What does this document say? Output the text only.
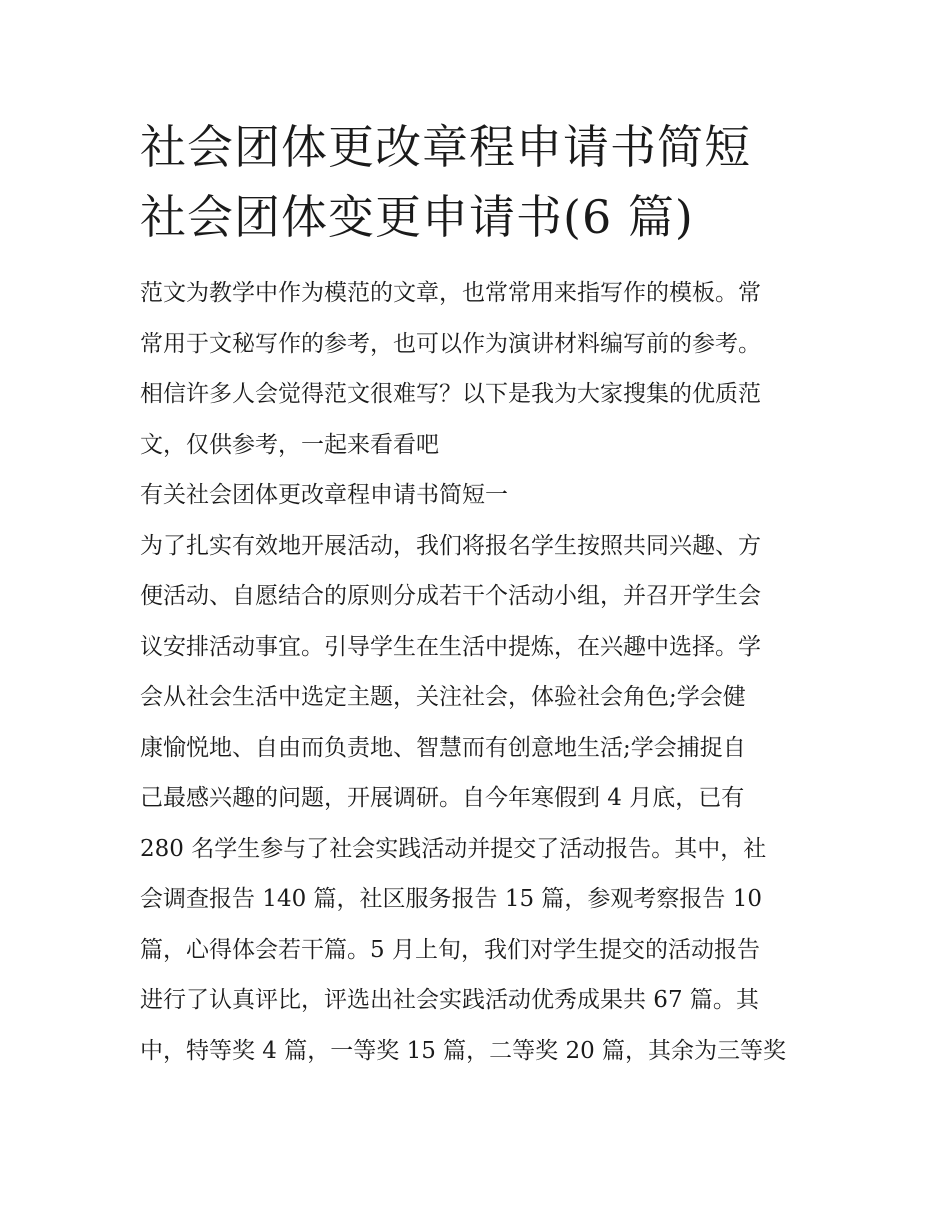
社会团体更改章程申请书简短
社会团体变更申请书(6 篇)

范文为教学中作为模范的文章，也常常用来指写作的模板。常
常用于文秘写作的参考，也可以作为演讲材料编写前的参考。
相信许多人会觉得范文很难写？以下是我为大家搜集的优质范
文，仅供参考，一起来看看吧

有关社会团体更改章程申请书简短一

为了扎实有效地开展活动，我们将报名学生按照共同兴趣、方
便活动、自愿结合的原则分成若干个活动小组，并召开学生会
议安排活动事宜。引导学生在生活中提炼，在兴趣中选择。学
会从社会生活中选定主题，关注社会，体验社会角色;学会健
康愉悦地、自由而负责地、智慧而有创意地生活;学会捕捉自
己最感兴趣的问题，开展调研。自今年寒假到 4 月底，已有
280 名学生参与了社会实践活动并提交了活动报告。其中，社
会调查报告 140 篇，社区服务报告 15 篇，参观考察报告 10
篇，心得体会若干篇。5 月上旬，我们对学生提交的活动报告
进行了认真评比，评选出社会实践活动优秀成果共 67 篇。其
中，特等奖 4 篇，一等奖 15 篇，二等奖 20 篇，其余为三等奖
